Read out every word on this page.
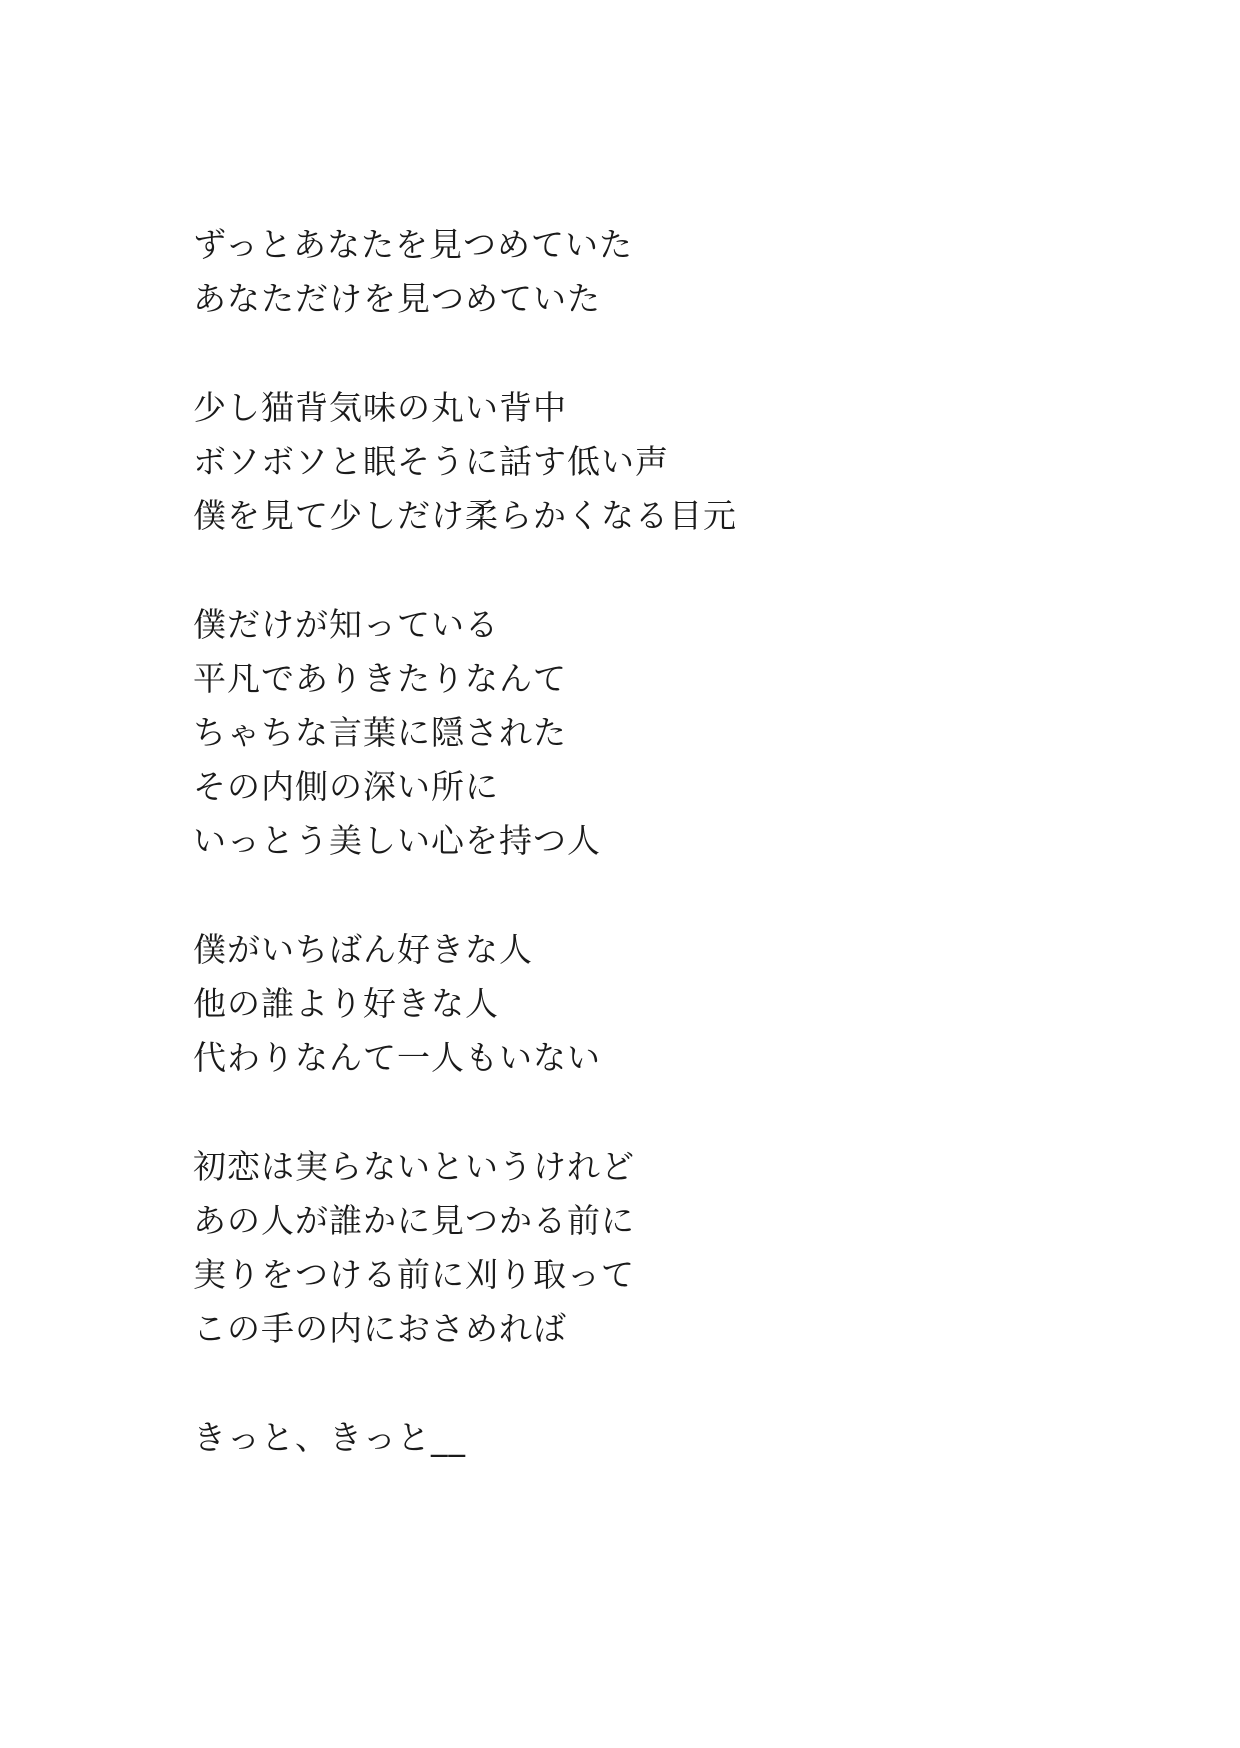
ずっとあなたを見つめていた
あなただけを見つめていた
少し猫背気味の丸い背中
ボソボソと眠そうに話す低い声
僕を見て少しだけ柔らかくなる目元
僕だけが知っている
平凡でありきたりなんて
ちゃちな言葉に隠された
その内側の深い所に
いっとう美しい心を持つ人
僕がいちばん好きな人
他の誰より好きな人
代わりなんて一人もいない
初恋は実らないというけれど
あの人が誰かに見つかる前に
実りをつける前に刈り取って
この手の内におさめれば
きっと、きっと__
